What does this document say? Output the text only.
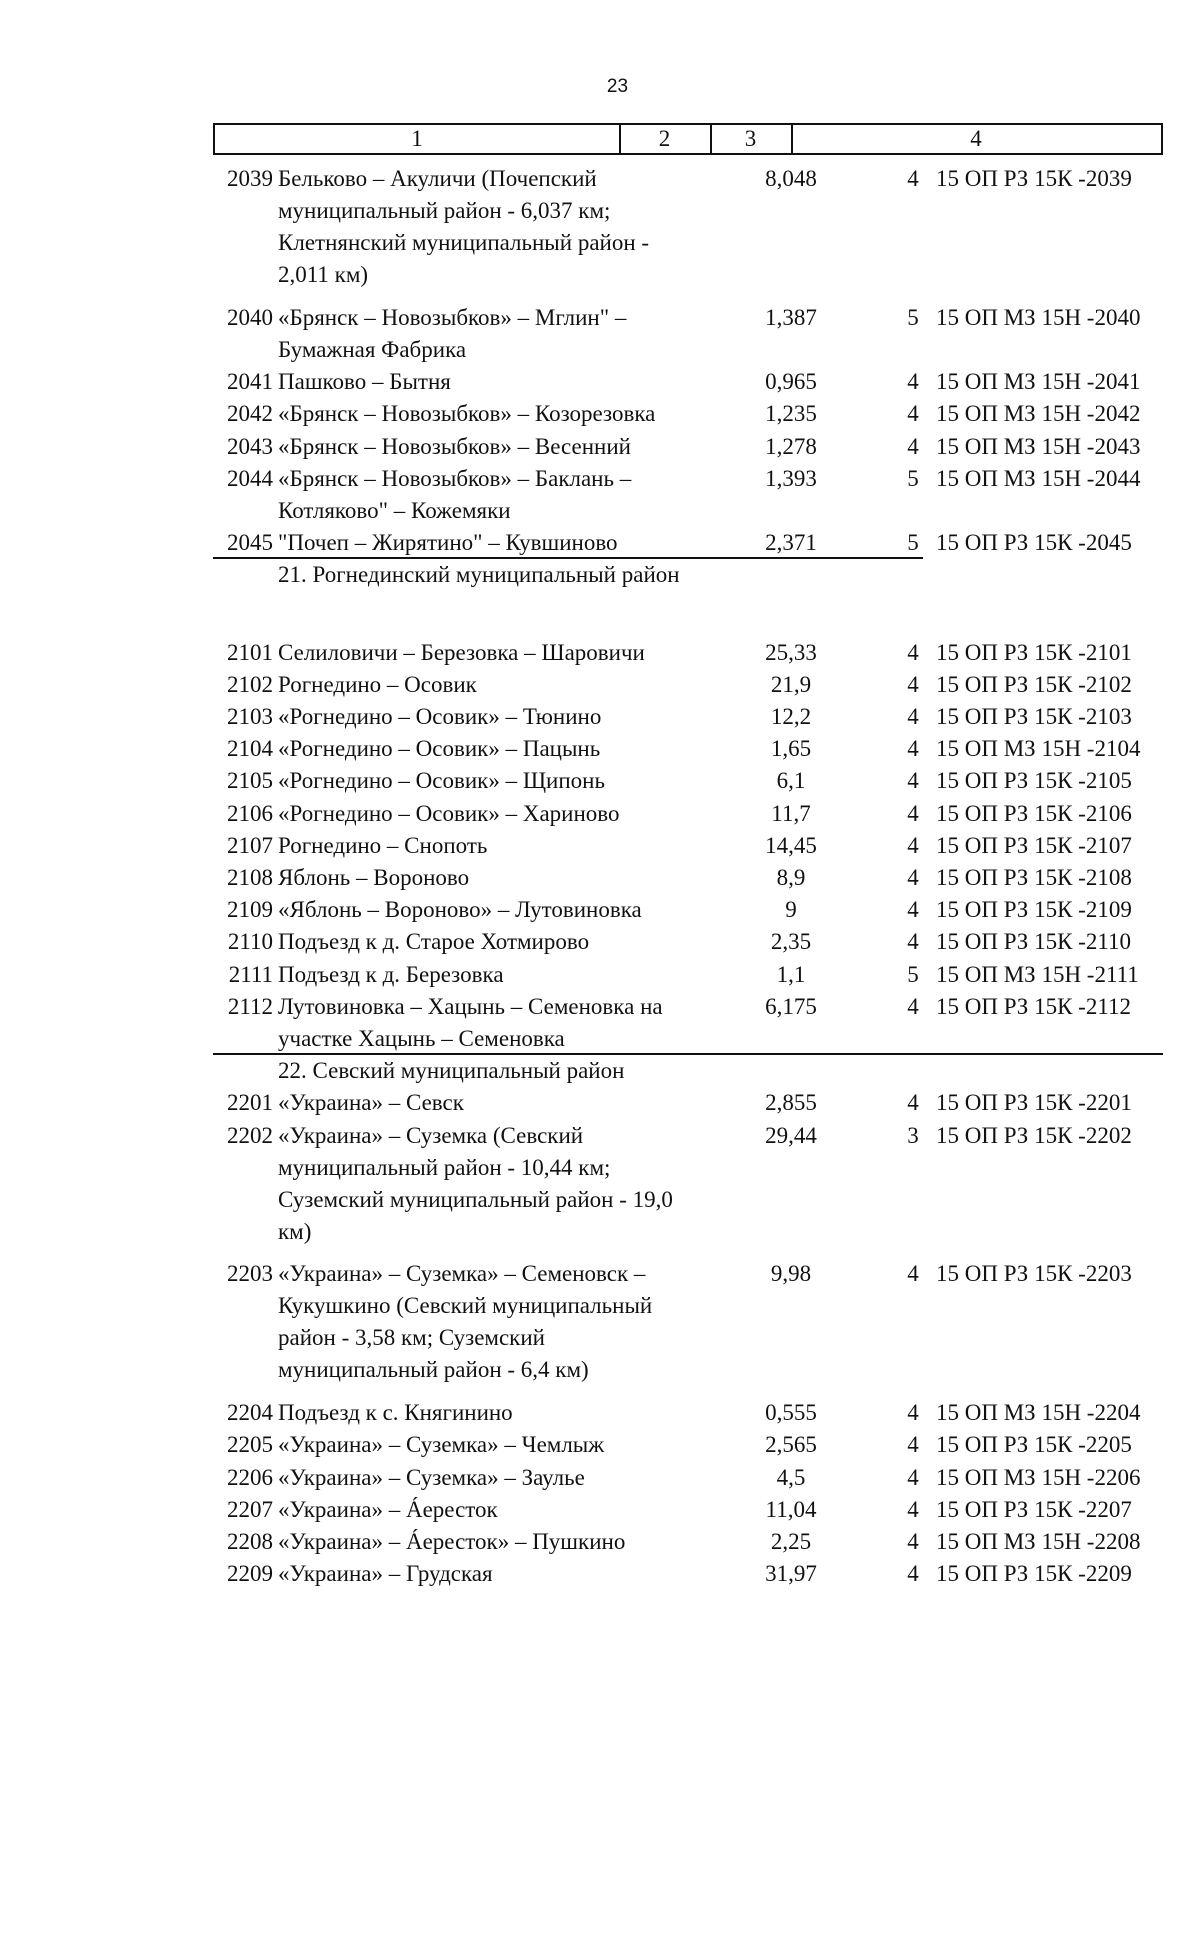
23
1	2	3	4
2039 Бельково – Акуличи (Почепский
муниципальный район - 6,037 км;
Клетнянский муниципальный район -
2,011 км)
8,048	4 15 ОП РЗ 15К -2039
2040 «Брянск – Новозыбков» – Мглин" –
Бумажная Фабрика
1,387	5 15 ОП МЗ 15Н -2040
2041 Пашково – Бытня	0,965	4 15 ОП МЗ 15Н -2041
2042 «Брянск – Новозыбков» – Козорезовка	1,235	4 15 ОП МЗ 15Н -2042
2043 «Брянск – Новозыбков» – Весенний	1,278	4 15 ОП МЗ 15Н -2043
2044 «Брянск – Новозыбков» – Баклань –
Котляково" – Кожемяки
1,393	5 15 ОП МЗ 15Н -2044
2045 "Почеп – Жирятино" – Кувшиново	2,371	5 15 ОП РЗ 15К -2045
21. Рогнединский муниципальный район
2101 Селиловичи – Березовка – Шаровичи	25,33	4 15 ОП РЗ 15К -2101
2102 Рогнедино – Осовик	21,9	4 15 ОП РЗ 15К -2102
2103 «Рогнедино – Осовик» – Тюнино	12,2	4 15 ОП РЗ 15К -2103
2104 «Рогнедино – Осовик» – Пацынь	1,65	4 15 ОП МЗ 15Н -2104
2105 «Рогнедино – Осовик» – Щипонь	6,1	4 15 ОП РЗ 15К -2105
2106 «Рогнедино – Осовик» – Хариново	11,7	4 15 ОП РЗ 15К -2106
2107 Рогнедино – Снопоть	14,45	4 15 ОП РЗ 15К -2107
2108 Яблонь – Вороново	8,9	4 15 ОП РЗ 15К -2108
2109 «Яблонь – Вороново» – Лутовиновка	9	4 15 ОП РЗ 15К -2109
2110 Подъезд к д. Старое Хотмирово	2,35	4 15 ОП РЗ 15К -2110
2111 Подъезд к д. Березовка	1,1	5 15 ОП МЗ 15Н -2111
2112 Лутовиновка – Хацынь – Семеновка на
участке Хацынь – Семеновка
6,175	4 15 ОП РЗ 15К -2112
22. Севский муниципальный район
2201 «Украина» – Севск	2,855	4 15 ОП РЗ 15К -2201
2202 «Украина» – Суземка (Севский
муниципальный район - 10,44 км;
Суземский муниципальный район - 19,0
км)
29,44	3 15 ОП РЗ 15К -2202
2203 «Украина» – Суземка» – Семеновск –
Кукушкино (Севский муниципальный
район - 3,58 км; Суземский
муниципальный район - 6,4 км)
9,98	4 15 ОП РЗ 15К -2203
2204 Подъезд к с. Княгинино	0,555	4 15 ОП МЗ 15Н -2204
2205 «Украина» – Суземка» – Чемлыж	2,565	4 15 ОП РЗ 15К -2205
2206 «Украина» – Суземка» – Заулье	4,5	4 15 ОП МЗ 15Н -2206
2207 «Украина» – Áересток	11,04	4 15 ОП РЗ 15К -2207
2208 «Украина» – Áересток» – Пушкино	2,25	4 15 ОП МЗ 15Н -2208
2209 «Украина» – Грудская	31,97	4 15 ОП РЗ 15К -2209
